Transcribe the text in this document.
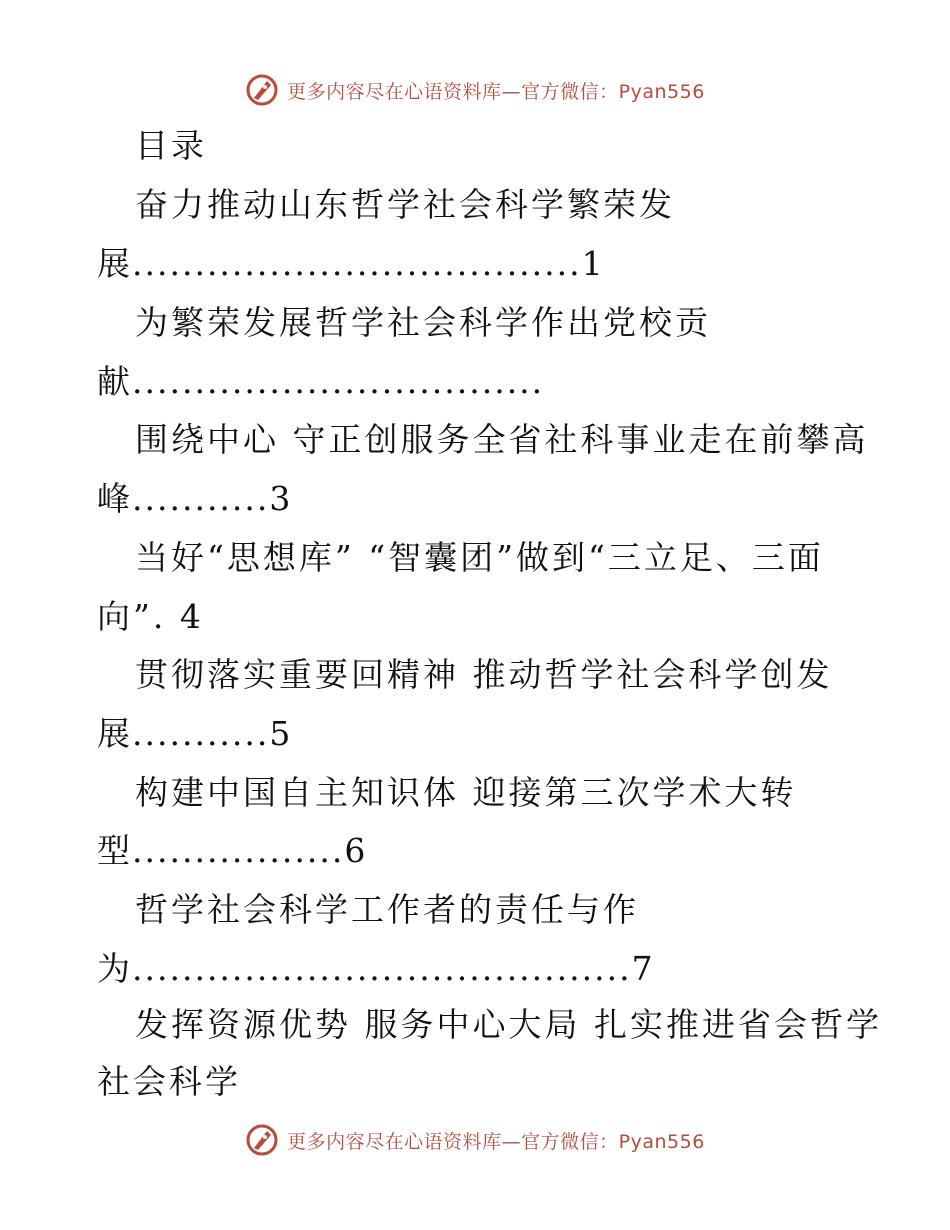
更多内容尽在心语资料库—官方微信：Pyan556
目录
奋力推动山东哲学社会科学繁荣发
展....................................1
为繁荣发展哲学社会科学作出党校贡
献.................................
围绕中心 守正创服务全省社科事业走在前攀高
峰...........3
当好“思想库” “智囊团”做到“三立足、三面
向”. 4
贯彻落实重要回精神 推动哲学社会科学创发
展...........5
构建中国自主知识体 迎接第三次学术大转
型.................6
哲学社会科学工作者的责任与作
为........................................7
发挥资源优势 服务中心大局 扎实推进省会哲学
社会科学
更多内容尽在心语资料库—官方微信：Pyan556
